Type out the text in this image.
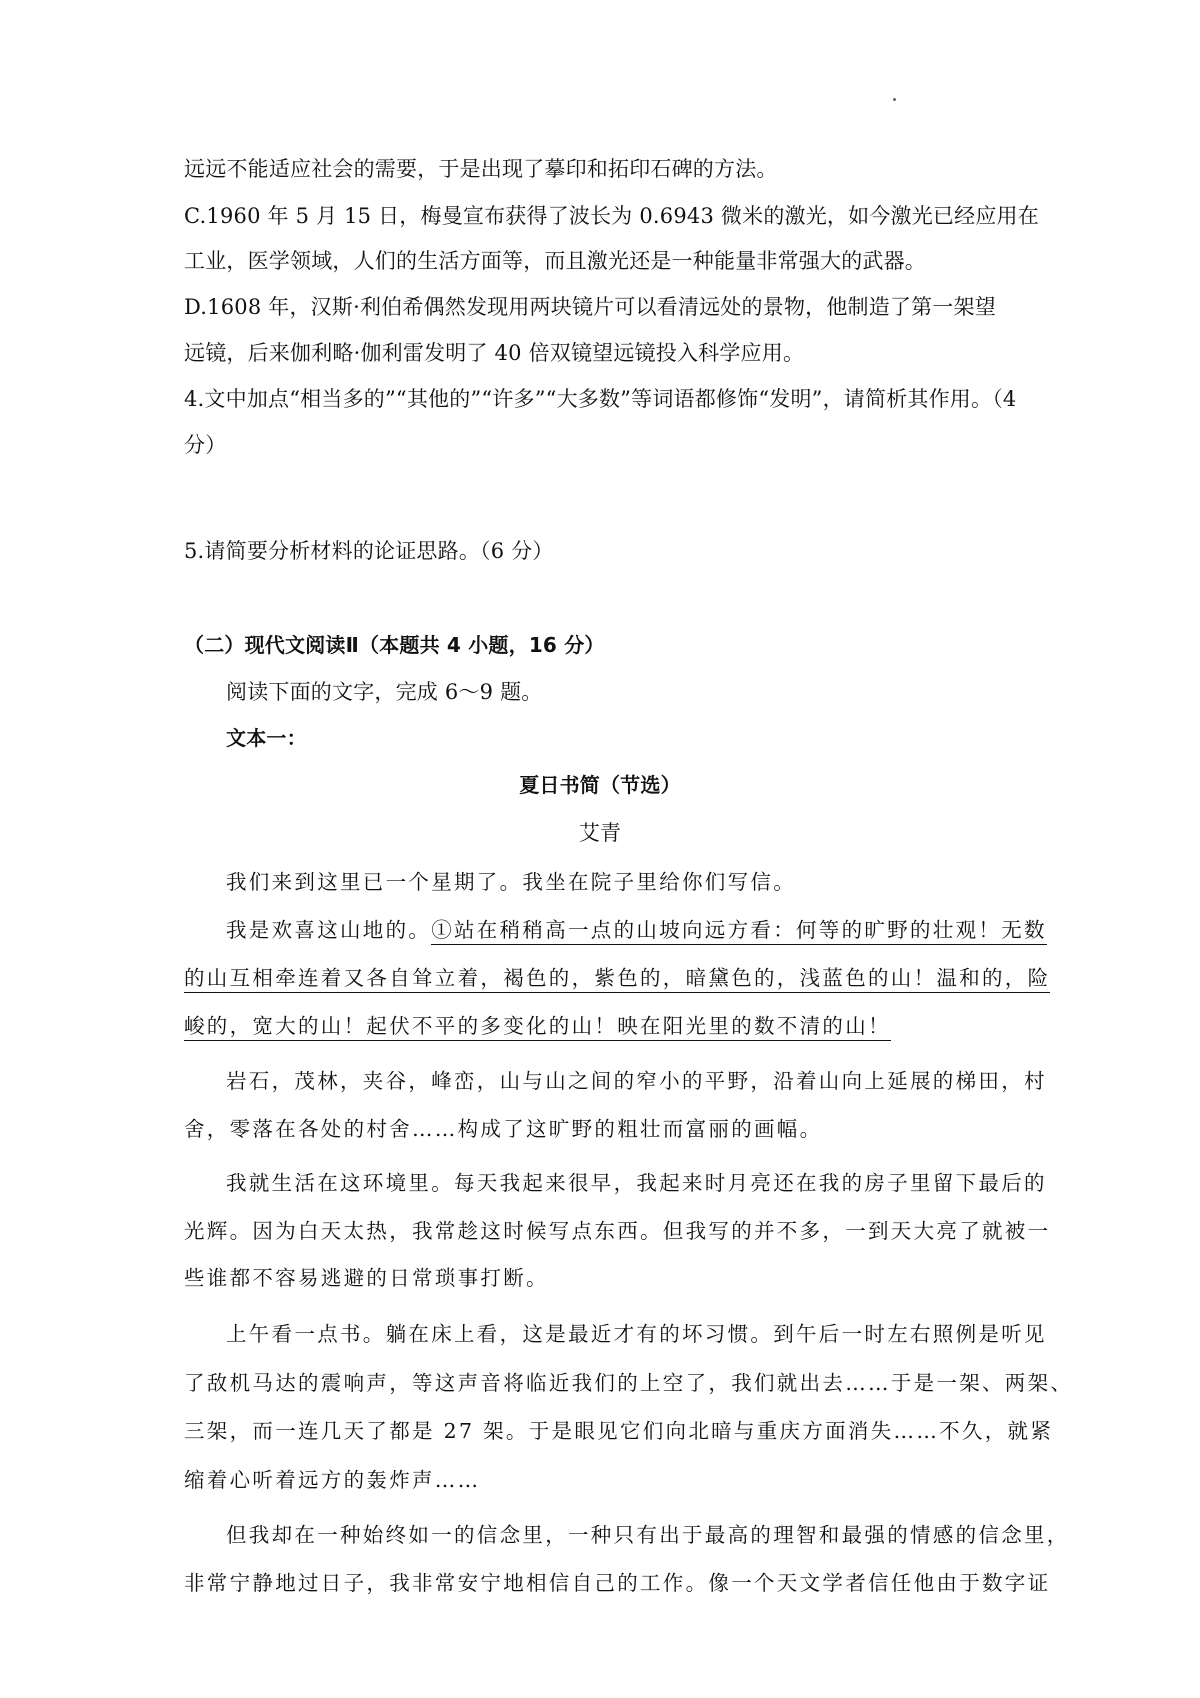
远远不能适应社会的需要，于是出现了摹印和拓印石碑的方法。
C.1960 年 5 月 15 日，梅曼宣布获得了波长为 0.6943 微米的激光，如今激光已经应用在
工业，医学领域，人们的生活方面等，而且激光还是一种能量非常强大的武器。
D.1608 年，汉斯·利伯希偶然发现用两块镜片可以看清远处的景物，他制造了第一架望
远镜，后来伽利略·伽利雷发明了 40 倍双镜望远镜投入科学应用。
4.文中加点“相当多的”“其他的”“许多”“大多数”等词语都修饰“发明”，请简析其作用。（4
分）
5.请简要分析材料的论证思路。（6 分）
（二）现代文阅读Ⅱ（本题共 4 小题，16 分）
阅读下面的文字，完成 6～9 题。
文本一：
夏日书简（节选）
艾青
我们来到这里已一个星期了。我坐在院子里给你们写信。
我是欢喜这山地的。①站在稍稍高一点的山坡向远方看：何等的旷野的壮观！无数
的山互相牵连着又各自耸立着，褐色的，紫色的，暗黛色的，浅蓝色的山！温和的，险
峻的，宽大的山！起伏不平的多变化的山！映在阳光里的数不清的山！
岩石，茂林，夹谷，峰峦，山与山之间的窄小的平野，沿着山向上延展的梯田，村
舍，零落在各处的村舍……构成了这旷野的粗壮而富丽的画幅。
我就生活在这环境里。每天我起来很早，我起来时月亮还在我的房子里留下最后的
光辉。因为白天太热，我常趁这时候写点东西。但我写的并不多，一到天大亮了就被一
些谁都不容易逃避的日常琐事打断。
上午看一点书。躺在床上看，这是最近才有的坏习惯。到午后一时左右照例是听见
了敌机马达的震响声，等这声音将临近我们的上空了，我们就出去……于是一架、两架、
三架，而一连几天了都是 27 架。于是眼见它们向北暗与重庆方面消失……不久，就紧
缩着心听着远方的轰炸声……
但我却在一种始终如一的信念里，一种只有出于最高的理智和最强的情感的信念里，
非常宁静地过日子，我非常安宁地相信自己的工作。像一个天文学者信任他由于数字证
